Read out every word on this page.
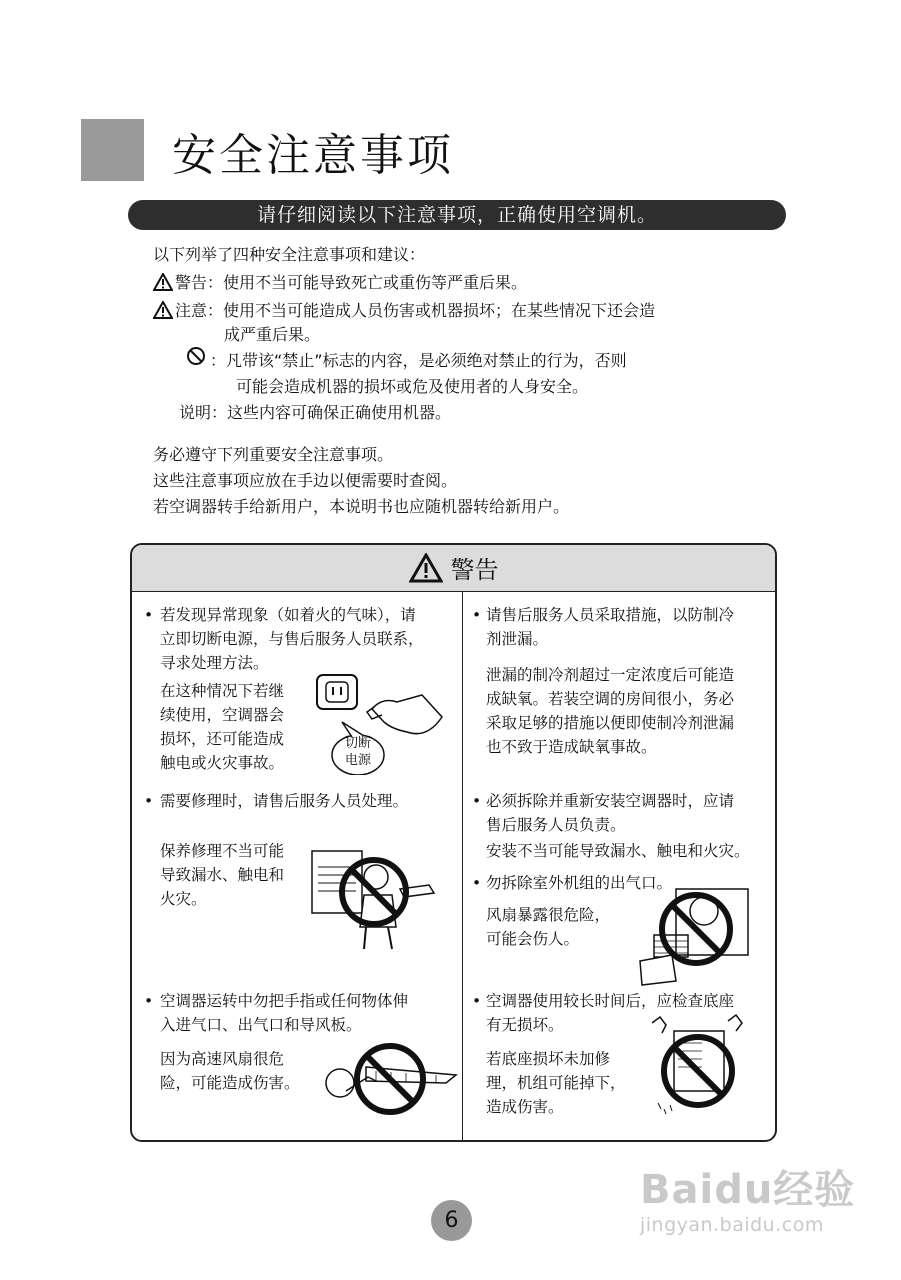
安全注意事项
请仔细阅读以下注意事项，正确使用空调机。
以下列举了四种安全注意事项和建议：
警告：使用不当可能导致死亡或重伤等严重后果。
注意：使用不当可能造成人员伤害或机器损坏；在某些情况下还会造
成严重后果。
：凡带该“禁止”标志的内容，是必须绝对禁止的行为，否则
可能会造成机器的损坏或危及使用者的人身安全。
说明：这些内容可确保正确使用机器。
务必遵守下列重要安全注意事项。
这些注意事项应放在手边以便需要时查阅。
若空调器转手给新用户，本说明书也应随机器转给新用户。
警告
• 若发现异常现象（如着火的气味），请
立即切断电源，与售后服务人员联系，
寻求处理方法。
在这种情况下若继
续使用，空调器会
损坏，还可能造成
触电或火灾事故。
切断
电源
• 需要修理时，请售后服务人员处理。
保养修理不当可能
导致漏水、触电和
火灾。
• 空调器运转中勿把手指或任何物体伸
入进气口、出气口和导风板。
因为高速风扇很危
险，可能造成伤害。
• 请售后服务人员采取措施，以防制冷
剂泄漏。
泄漏的制冷剂超过一定浓度后可能造
成缺氧。若装空调的房间很小，务必
采取足够的措施以便即使制冷剂泄漏
也不致于造成缺氧事故。
• 必须拆除并重新安装空调器时，应请
售后服务人员负责。
安装不当可能导致漏水、触电和火灾。
• 勿拆除室外机组的出气口。
风扇暴露很危险，
可能会伤人。
• 空调器使用较长时间后，应检查底座
有无损坏。
若底座损坏未加修
理，机组可能掉下，
造成伤害。
Baidu经验
jingyan.baidu.com
6
